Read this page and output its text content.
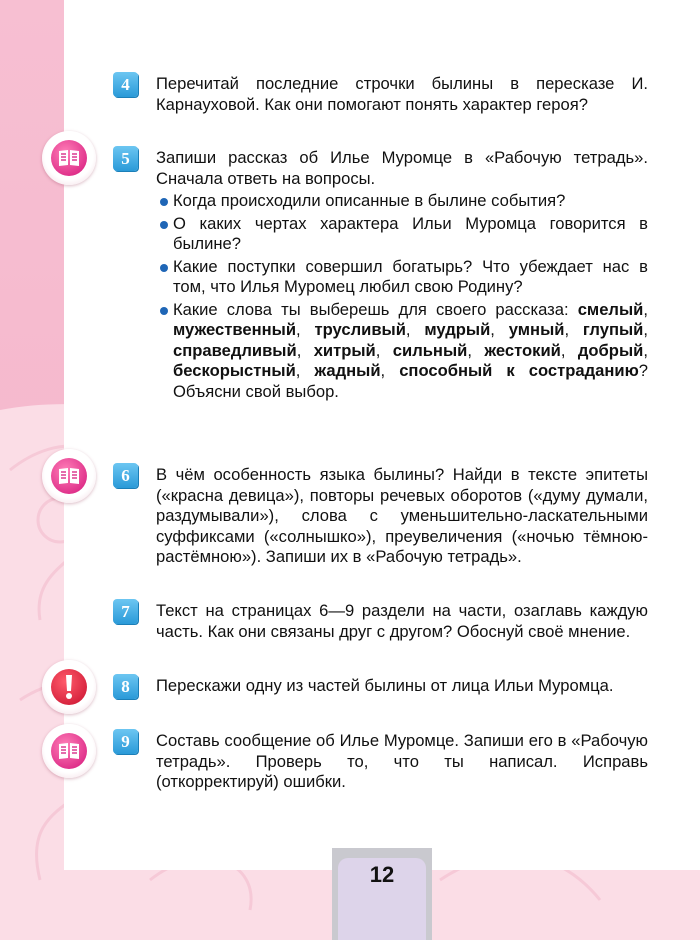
12
4	Перечитай последние строчки былины в пересказе И. Карнауховой. Как они помогают понять характер героя?

5	Запиши рассказ об Илье Муромце в «Рабочую тетрадь». Сначала ответь на вопросы.
Когда происходили описанные в былине события?
О каких чертах характера Ильи Муромца говорится в былине?
Какие поступки совершил богатырь? Что убеждает нас в том, что Илья Муромец любил свою Родину?
Какие слова ты выберешь для своего рассказа: смелый, мужественный, трусливый, мудрый, умный, глупый, справедливый, хитрый, сильный, жестокий, добрый, бескорыстный, жадный, способный к состраданию? Объясни свой выбор.
6	В чём особенность языка былины? Найди в тексте эпитеты («красна девица»), повторы речевых оборотов («думу думали, раздумывали»), слова с уменьшительно-ласкательными суффиксами («солнышко»), преувеличения («ночью тёмною-растёмною»). Запиши их в «Рабочую тетрадь».

7	Текст на страницах 6—9 раздели на части, озаглавь каждую часть. Как они связаны друг с другом? Обоснуй своё мнение.

8	Перескажи одну из частей былины от лица Ильи Муромца.

9	Составь сообщение об Илье Муромце. Запиши его в «Рабочую тетрадь». Проверь то, что ты написал. Исправь (откорректируй) ошибки.
